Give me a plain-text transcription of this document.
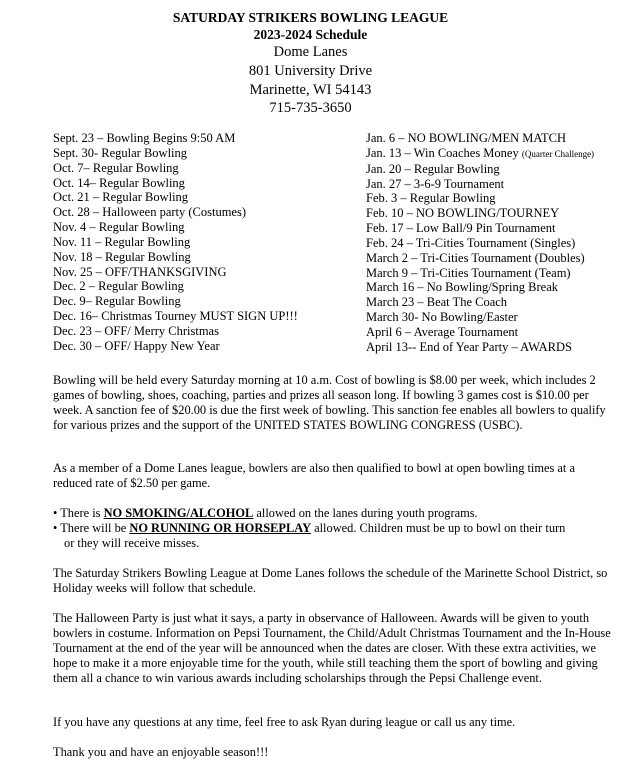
SATURDAY STRIKERS BOWLING LEAGUE
2023-2024 Schedule
Dome Lanes
801 University Drive
Marinette, WI 54143
715-735-3650
Sept. 23 – Bowling Begins 9:50 AM
Sept. 30- Regular Bowling
Oct. 7– Regular Bowling
Oct. 14– Regular Bowling
Oct. 21 – Regular Bowling
Oct. 28 – Halloween party (Costumes)
Nov. 4 – Regular Bowling
Nov. 11 – Regular Bowling
Nov. 18 – Regular Bowling
Nov. 25 – OFF/THANKSGIVING
Dec. 2 – Regular Bowling
Dec. 9– Regular Bowling
Dec. 16– Christmas Tourney MUST SIGN UP!!!
Dec. 23 – OFF/ Merry Christmas
Dec. 30 – OFF/ Happy New Year
Jan. 6 – NO BOWLING/MEN MATCH
Jan. 13 – Win Coaches Money (Quarter Challenge)
Jan. 20 – Regular Bowling
Jan. 27 – 3-6-9 Tournament
Feb. 3 – Regular Bowling
Feb. 10 – NO BOWLING/TOURNEY
Feb. 17 – Low Ball/9 Pin Tournament
Feb. 24 – Tri-Cities Tournament (Singles)
March 2 – Tri-Cities Tournament (Doubles)
March 9 – Tri-Cities Tournament (Team)
March 16 – No Bowling/Spring Break
March 23 – Beat The Coach
March 30- No Bowling/Easter
April 6 – Average Tournament
April 13-- End of Year Party – AWARDS
Bowling will be held every Saturday morning at 10 a.m. Cost of bowling is $8.00 per week, which includes 2 games of bowling, shoes, coaching, parties and prizes all season long. If bowling 3 games cost is $10.00 per week. A sanction fee of $20.00 is due the first week of bowling. This sanction fee enables all bowlers to qualify for various prizes and the support of the UNITED STATES BOWLING CONGRESS (USBC).
As a member of a Dome Lanes league, bowlers are also then qualified to bowl at open bowling times at a reduced rate of $2.50 per game.
• There is NO SMOKING/ALCOHOL allowed on the lanes during youth programs.
• There will be NO RUNNING OR HORSEPLAY allowed. Children must be up to bowl on their turn
or they will receive misses.
The Saturday Strikers Bowling League at Dome Lanes follows the schedule of the Marinette School District, so Holiday weeks will follow that schedule.
The Halloween Party is just what it says, a party in observance of Halloween. Awards will be given to youth bowlers in costume. Information on Pepsi Tournament, the Child/Adult Christmas Tournament and the In-House Tournament at the end of the year will be announced when the dates are closer. With these extra activities, we hope to make it a more enjoyable time for the youth, while still teaching them the sport of bowling and giving them all a chance to win various awards including scholarships through the Pepsi Challenge event.
If you have any questions at any time, feel free to ask Ryan during league or call us any time.
Thank you and have an enjoyable season!!!
